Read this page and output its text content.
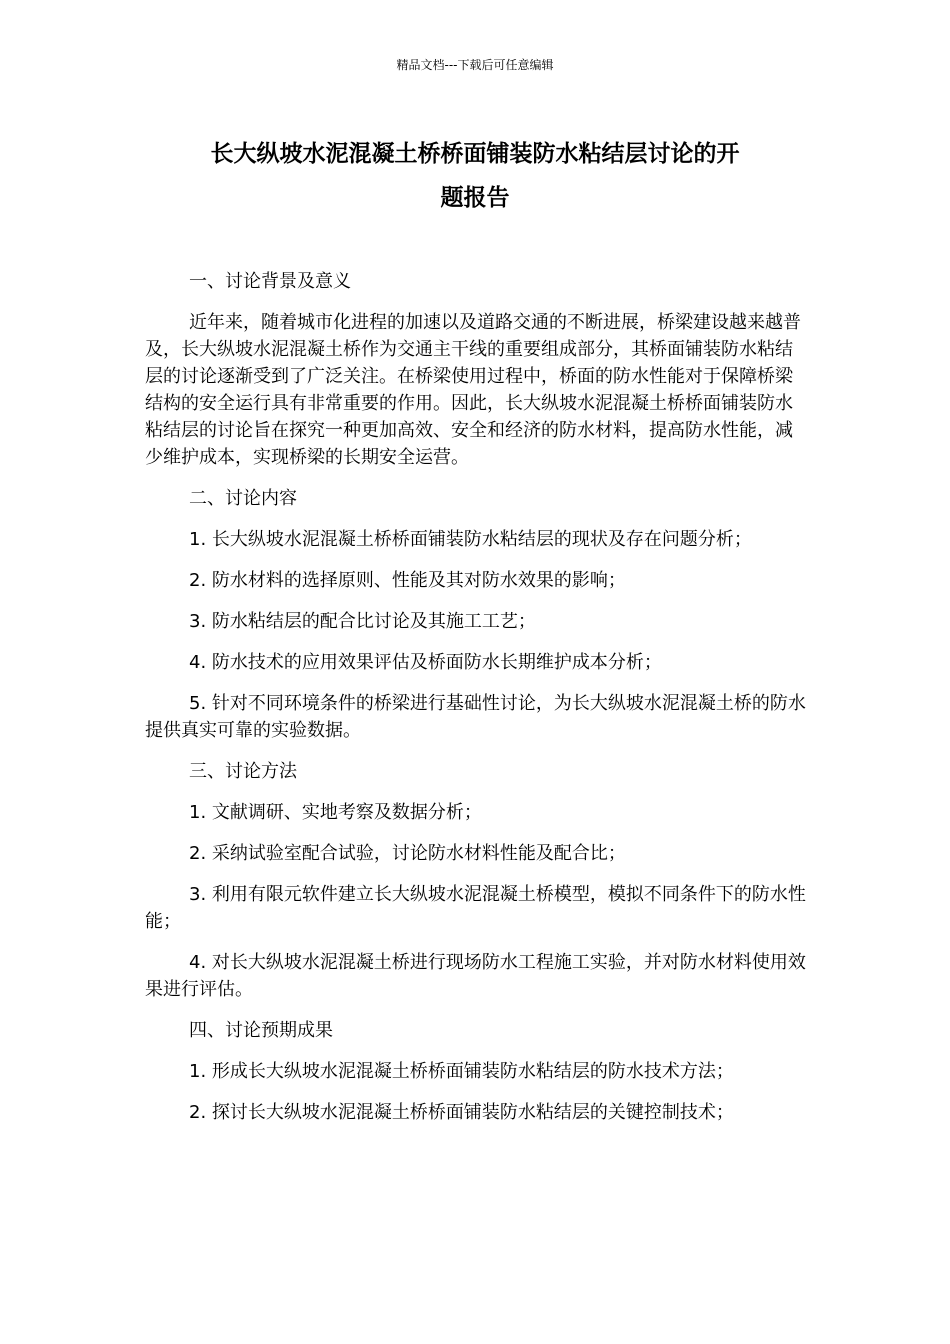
精品文档---下载后可任意编辑
长大纵坡水泥混凝土桥桥面铺装防水粘结层讨论的开
题报告

一、讨论背景及意义

近年来，随着城市化进程的加速以及道路交通的不断进展，桥梁建设越来越普及，长大纵坡水泥混凝土桥作为交通主干线的重要组成部分，其桥面铺装防水粘结层的讨论逐渐受到了广泛关注。在桥梁使用过程中，桥面的防水性能对于保障桥梁结构的安全运行具有非常重要的作用。因此，长大纵坡水泥混凝土桥桥面铺装防水粘结层的讨论旨在探究一种更加高效、安全和经济的防水材料，提高防水性能，减少维护成本，实现桥梁的长期安全运营。

二、讨论内容

1. 长大纵坡水泥混凝土桥桥面铺装防水粘结层的现状及存在问题分析；

2. 防水材料的选择原则、性能及其对防水效果的影响；

3. 防水粘结层的配合比讨论及其施工工艺；

4. 防水技术的应用效果评估及桥面防水长期维护成本分析；

5. 针对不同环境条件的桥梁进行基础性讨论，为长大纵坡水泥混凝土桥的防水提供真实可靠的实验数据。

三、讨论方法

1. 文献调研、实地考察及数据分析；

2. 采纳试验室配合试验，讨论防水材料性能及配合比；

3. 利用有限元软件建立长大纵坡水泥混凝土桥模型，模拟不同条件下的防水性能；

4. 对长大纵坡水泥混凝土桥进行现场防水工程施工实验，并对防水材料使用效果进行评估。

四、讨论预期成果

1. 形成长大纵坡水泥混凝土桥桥面铺装防水粘结层的防水技术方法；

2. 探讨长大纵坡水泥混凝土桥桥面铺装防水粘结层的关键控制技术；
